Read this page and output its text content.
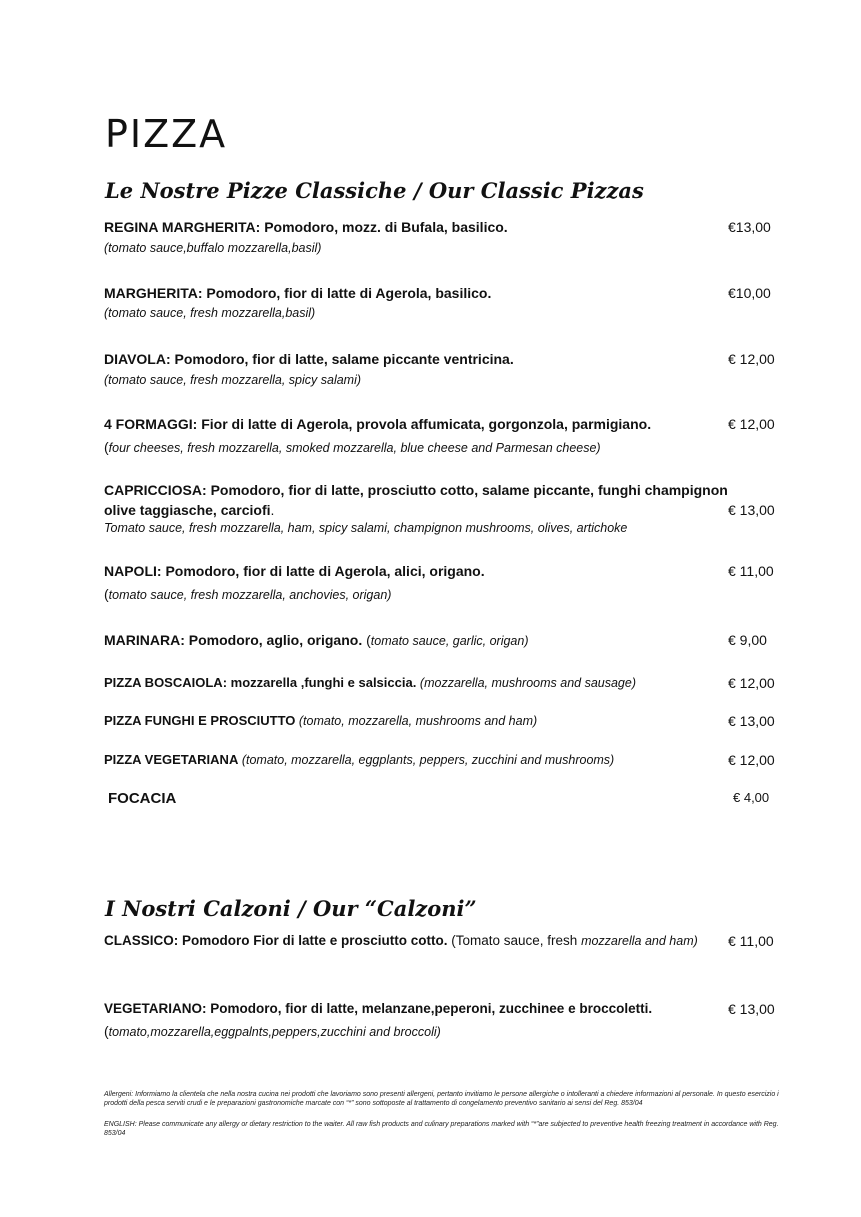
PIZZA
Le Nostre Pizze Classiche / Our Classic Pizzas
REGINA MARGHERITA: Pomodoro, mozz. di Bufala, basilico.	€13,00
(tomato sauce,buffalo mozzarella,basil)
MARGHERITA: Pomodoro, fior di latte di Agerola, basilico.	€10,00
(tomato sauce, fresh mozzarella,basil)
DIAVOLA: Pomodoro, fior di latte, salame piccante ventricina.	€ 12,00
(tomato sauce, fresh mozzarella, spicy salami)
4 FORMAGGI: Fior di latte di Agerola, provola affumicata, gorgonzola, parmigiano.	€ 12,00
(four cheeses, fresh mozzarella, smoked mozzarella, blue cheese and Parmesan cheese)
CAPRICCIOSA: Pomodoro, fior di latte, prosciutto cotto, salame piccante, funghi champignon
olive taggiasche, carciofi.	€ 13,00
Tomato sauce, fresh mozzarella, ham, spicy salami, champignon mushrooms, olives, artichoke
NAPOLI: Pomodoro, fior di latte di Agerola, alici, origano.	€ 11,00
(tomato sauce, fresh mozzarella, anchovies, origan)
MARINARA: Pomodoro, aglio, origano. (tomato sauce, garlic, origan)	€ 9,00
PIZZA BOSCAIOLA: mozzarella ,funghi e salsiccia. (mozzarella, mushrooms and sausage)	€ 12,00
PIZZA FUNGHI E PROSCIUTTO (tomato, mozzarella, mushrooms and ham)	€ 13,00
PIZZA VEGETARIANA (tomato, mozzarella, eggplants, peppers, zucchini and mushrooms)	€ 12,00
FOCACIA	€ 4,00
I Nostri Calzoni / Our “Calzoni”
CLASSICO: Pomodoro Fior di latte e prosciutto cotto. (Tomato sauce, fresh mozzarella and ham) € 11,00
VEGETARIANO: Pomodoro, fior di latte, melanzane,peperoni, zucchinee e broccoletti.	€ 13,00
(tomato,mozzarella,eggpalnts,peppers,zucchini and broccoli)
Allergeni: Informiamo la clientela che nella nostra cucina nei prodotti che lavoriamo sono presenti allergeni, pertanto invitiamo le persone allergiche o intolleranti a chiedere informazioni al personale. In questo esercizio i prodotti della pesca serviti crudi e le preparazioni gastronomiche marcate con “*” sono sottoposte al trattamento di congelamento preventivo sanitario ai sensi del Reg. 853/04
ENGLISH: Please communicate any allergy or dietary restriction to the waiter. All raw fish products and culinary preparations marked with “*”are subjected to preventive health freezing treatment in accordance with Reg. 853/04
